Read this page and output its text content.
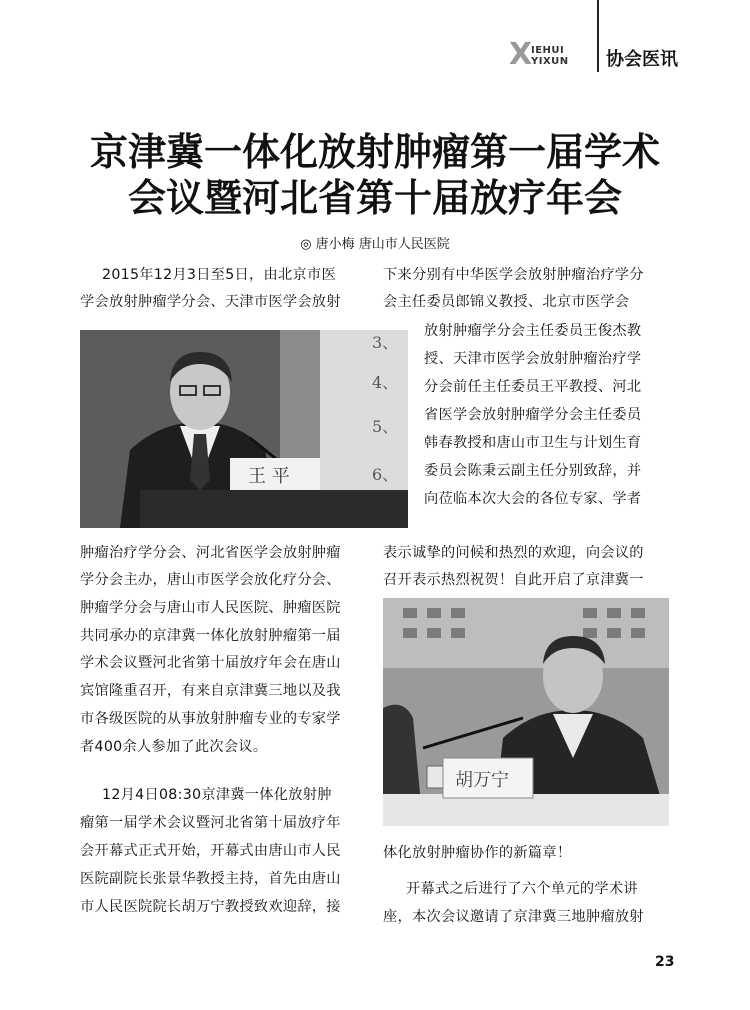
X
IEHUI
YIXUN 协会医讯
京津冀一体化放射肿瘤第一届学术
会议暨河北省第十届放疗年会
◎ 唐小梅 唐山市人民医院
2015年12月3日至5日，由北京市医
学会放射肿瘤学分会、天津市医学会放射
3、
4、
5、
6、
王 平
肿瘤治疗学分会、河北省医学会放射肿瘤
学分会主办，唐山市医学会放化疗分会、
肿瘤学分会与唐山市人民医院、肿瘤医院
共同承办的京津冀一体化放射肿瘤第一届
学术会议暨河北省第十届放疗年会在唐山
宾馆隆重召开，有来自京津冀三地以及我
市各级医院的从事放射肿瘤专业的专家学
者400余人参加了此次会议。
12月4日08:30京津冀一体化放射肿
瘤第一届学术会议暨河北省第十届放疗年
会开幕式正式开始，开幕式由唐山市人民
医院副院长张景华教授主持，首先由唐山
市人民医院院长胡万宁教授致欢迎辞，接
下来分别有中华医学会放射肿瘤治疗学分
会主任委员郎锦义教授、北京市医学会
放射肿瘤学分会主任委员王俊杰教
授、天津市医学会放射肿瘤治疗学
分会前任主任委员王平教授、河北
省医学会放射肿瘤学分会主任委员
韩春教授和唐山市卫生与计划生育
委员会陈秉云副主任分别致辞，并
向莅临本次大会的各位专家、学者
表示诚挚的问候和热烈的欢迎，向会议的
召开表示热烈祝贺！自此开启了京津冀一
胡万宁
体化放射肿瘤协作的新篇章！
开幕式之后进行了六个单元的学术讲
座，本次会议邀请了京津冀三地肿瘤放射
23
